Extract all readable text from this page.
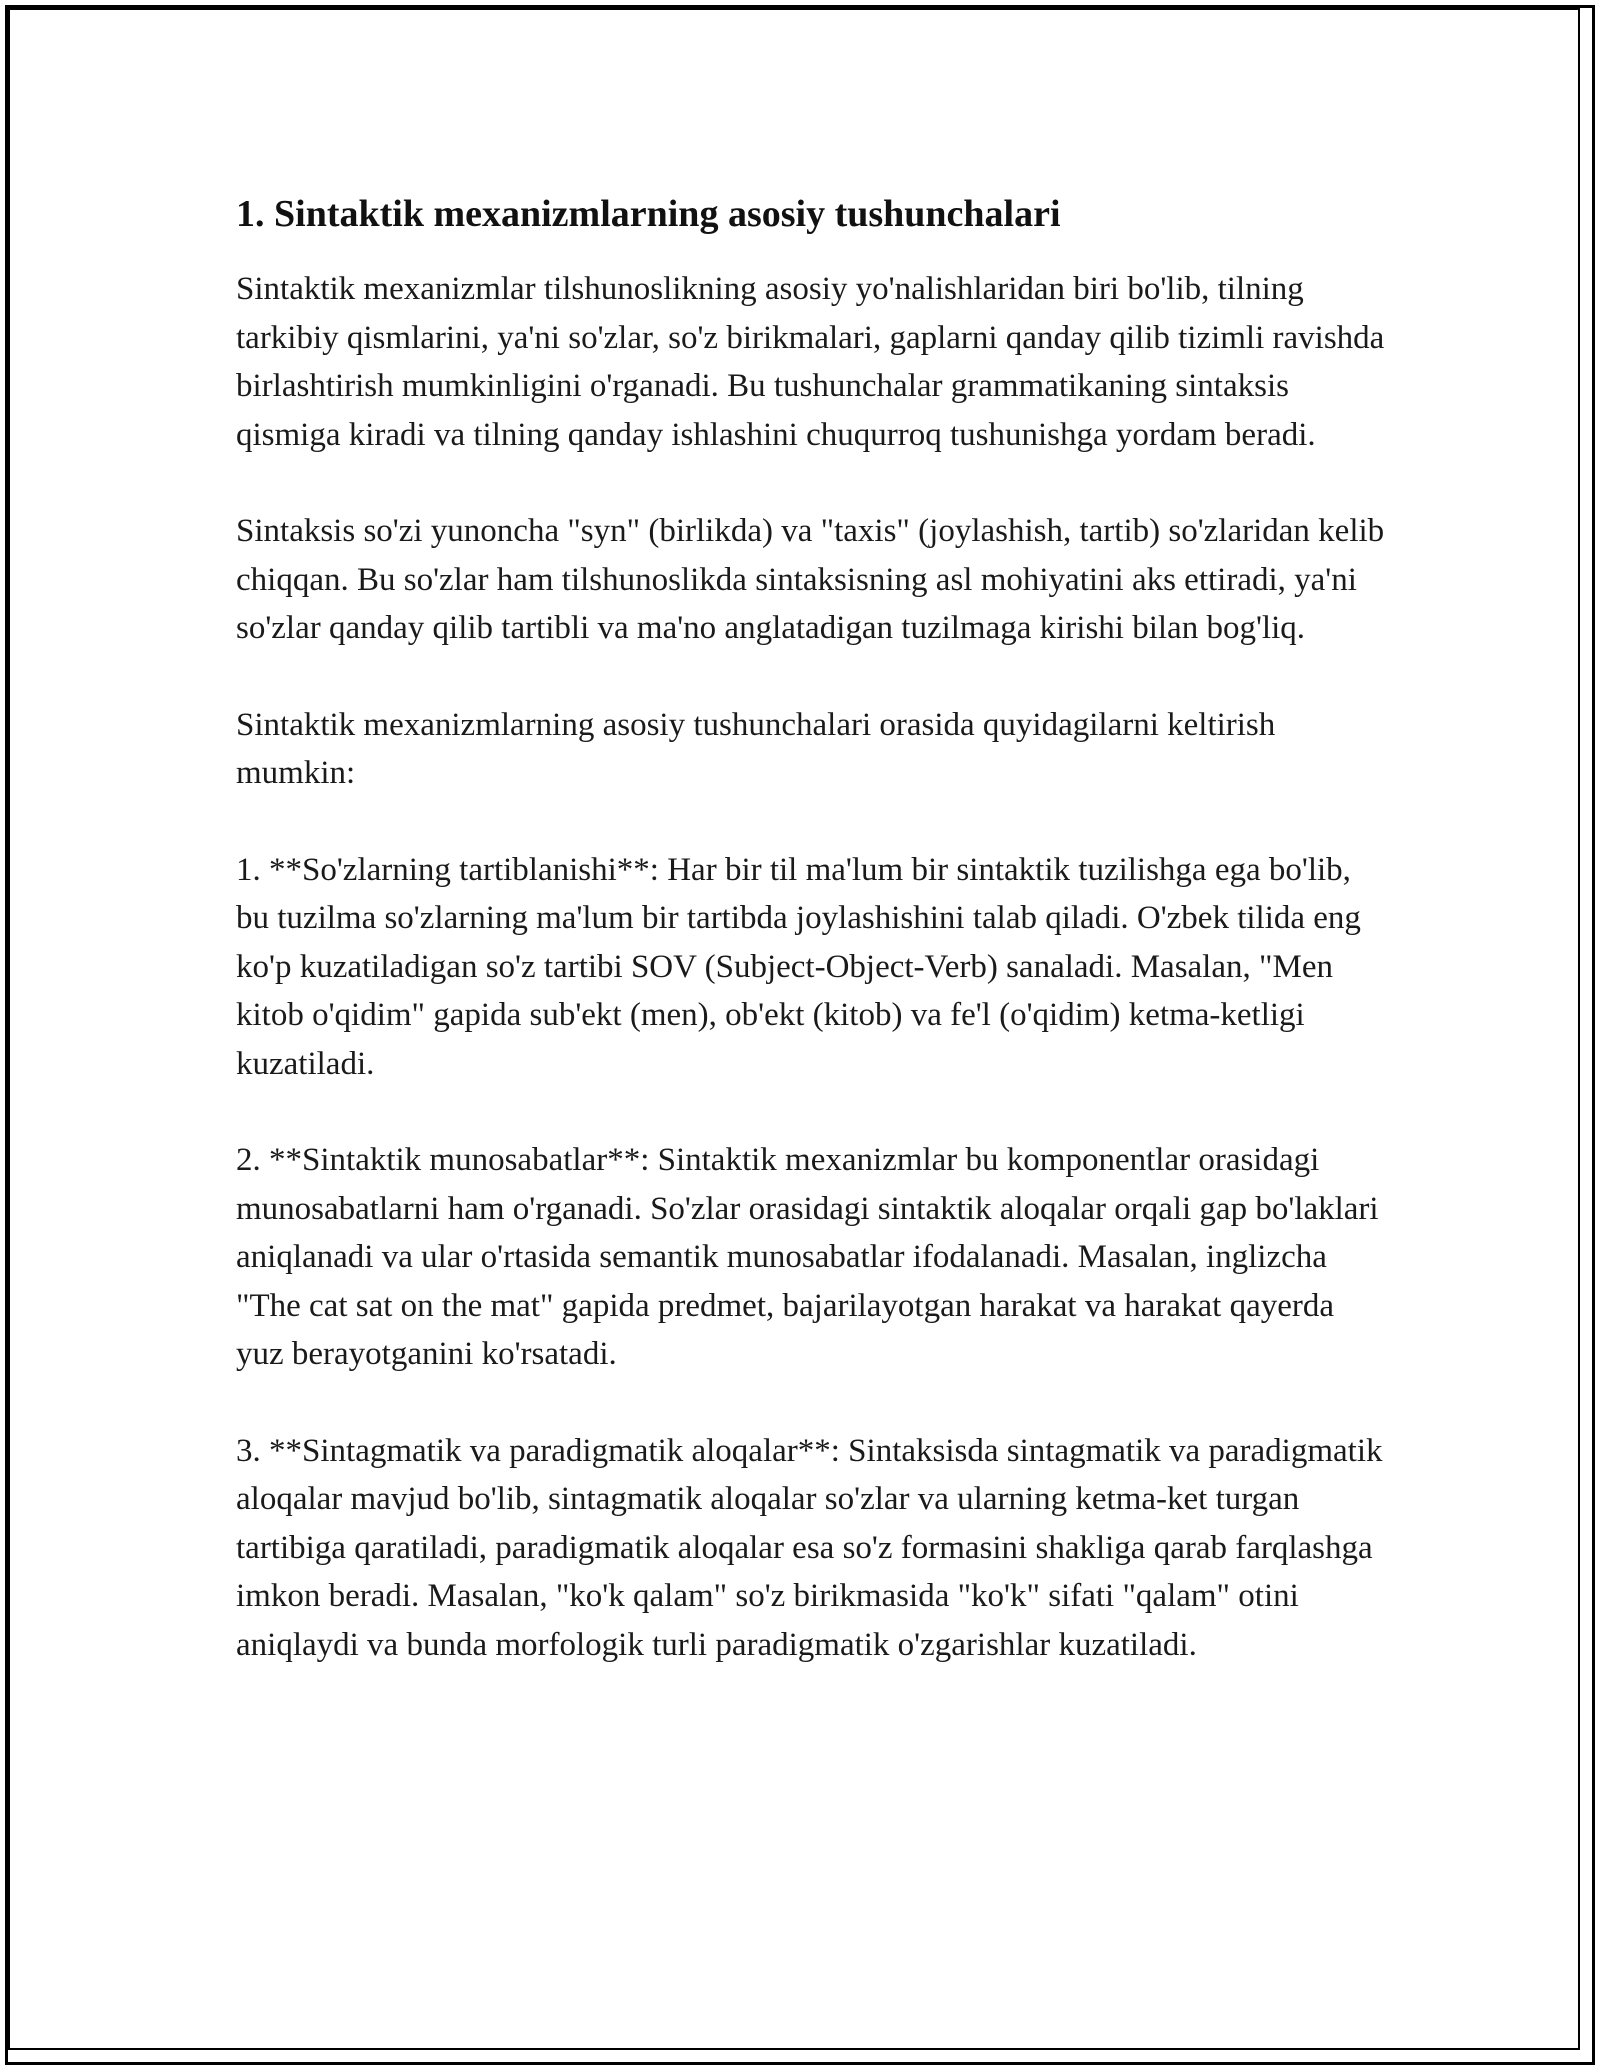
1. Sintaktik mexanizmlarning asosiy tushunchalari

Sintaktik mexanizmlar tilshunoslikning asosiy yo'nalishlaridan biri bo'lib, tilning tarkibiy qismlarini, ya'ni so'zlar, so'z birikmalari, gaplarni qanday qilib tizimli ravishda birlashtirish mumkinligini o'rganadi. Bu tushunchalar grammatikaning sintaksis qismiga kiradi va tilning qanday ishlashini chuqurroq tushunishga yordam beradi.

Sintaksis so'zi yunoncha "syn" (birlikda) va "taxis" (joylashish, tartib) so'zlaridan kelib chiqqan. Bu so'zlar ham tilshunoslikda sintaksisning asl mohiyatini aks ettiradi, ya'ni so'zlar qanday qilib tartibli va ma'no anglatadigan tuzilmaga kirishi bilan bog'liq.

Sintaktik mexanizmlarning asosiy tushunchalari orasida quyidagilarni keltirish mumkin:

1. **So'zlarning tartiblanishi**: Har bir til ma'lum bir sintaktik tuzilishga ega bo'lib, bu tuzilma so'zlarning ma'lum bir tartibda joylashishini talab qiladi. O'zbek tilida eng ko'p kuzatiladigan so'z tartibi SOV (Subject-Object-Verb) sanaladi. Masalan, "Men kitob o'qidim" gapida sub'ekt (men), ob'ekt (kitob) va fe'l (o'qidim) ketma-ketligi kuzatiladi.

2. **Sintaktik munosabatlar**: Sintaktik mexanizmlar bu komponentlar orasidagi munosabatlarni ham o'rganadi. So'zlar orasidagi sintaktik aloqalar orqali gap bo'laklari aniqlanadi va ular o'rtasida semantik munosabatlar ifodalanadi. Masalan, inglizcha "The cat sat on the mat" gapida predmet, bajarilayotgan harakat va harakat qayerda yuz berayotganini ko'rsatadi.

3. **Sintagmatik va paradigmatik aloqalar**: Sintaksisda sintagmatik va paradigmatik aloqalar mavjud bo'lib, sintagmatik aloqalar so'zlar va ularning ketma-ket turgan tartibiga qaratiladi, paradigmatik aloqalar esa so'z formasini shakliga qarab farqlashga imkon beradi. Masalan, "ko'k qalam" so'z birikmasida "ko'k" sifati "qalam" otini aniqlaydi va bunda morfologik turli paradigmatik o'zgarishlar kuzatiladi.
